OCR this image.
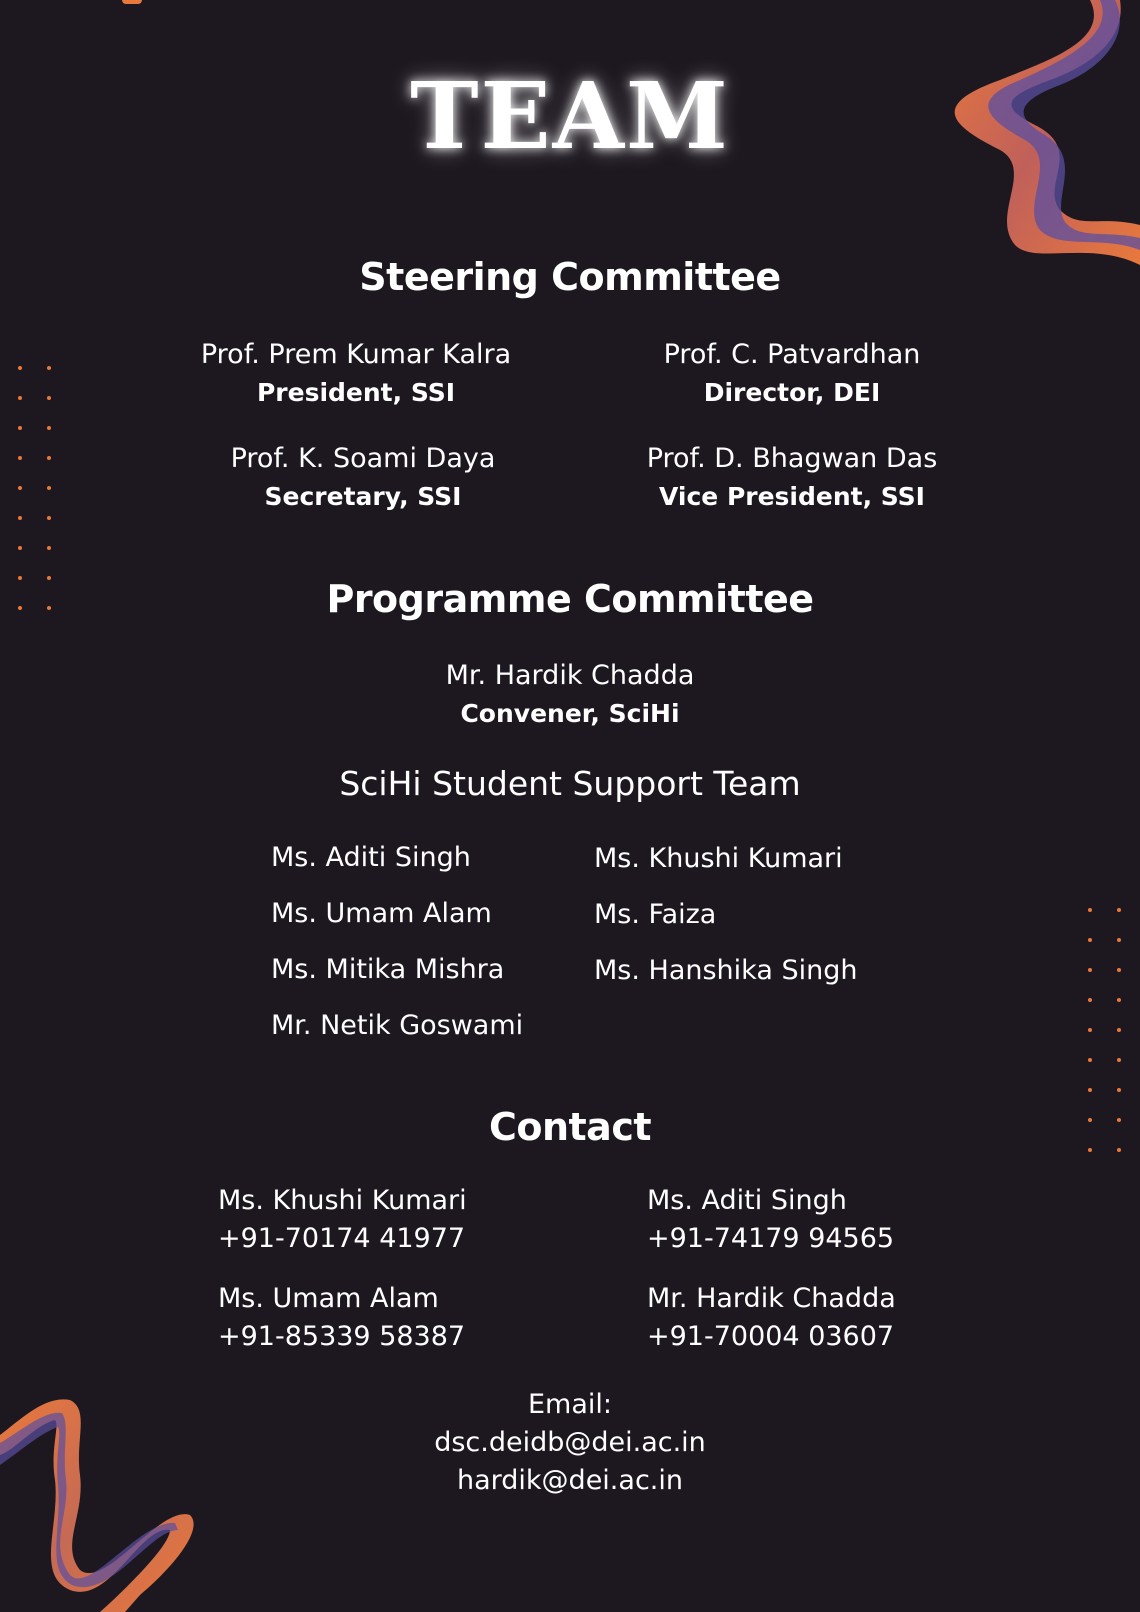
TEAM
Steering Committee
Prof. Prem Kumar Kalra
President, SSI
Prof. C. Patvardhan
Director, DEI
Prof. K. Soami Daya
Secretary, SSI
Prof. D. Bhagwan Das
Vice President, SSI
Programme Committee
Mr. Hardik Chadda
Convener, SciHi
SciHi Student Support Team
Ms. Aditi Singh
Ms. Umam Alam
Ms. Mitika Mishra
Mr. Netik Goswami
Ms. Khushi Kumari
Ms. Faiza
Ms. Hanshika Singh
Contact
Ms. Khushi Kumari
+91-70174 41977
Ms. Aditi Singh
+91-74179 94565
Ms. Umam Alam
+91-85339 58387
Mr. Hardik Chadda
+91-70004 03607
Email:
dsc.deidb@dei.ac.in
hardik@dei.ac.in
